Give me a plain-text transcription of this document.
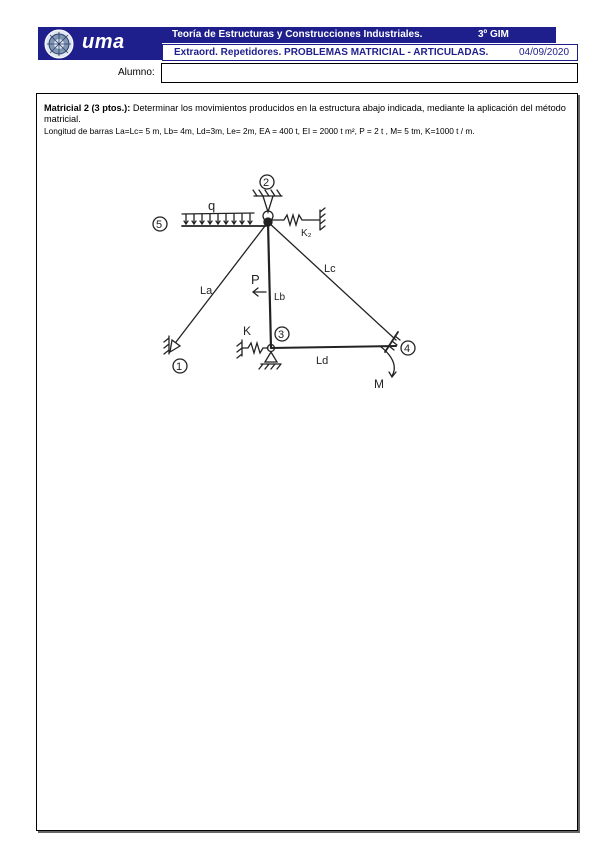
uma	Teoría de Estructuras y Construcciones Industriales.	3º GIM
Extraord. Repetidores. PROBLEMAS MATRICIAL - ARTICULADAS.	04/09/2020
Alumno:
Matricial 2 (3 ptos.): Determinar los movimientos producidos en la estructura abajo indicada, mediante la aplicación del método matricial.
Longitud de barras La=Lc= 5 m, Lb= 4m, Ld=3m, Le= 2m, EA = 400 t, EI = 2000 t m², P = 2 t , M= 5 tm, K=1000 t / m.
5
2
1
3
4
q
P
M
K
K₂
La
Lb
Lc
Ld
